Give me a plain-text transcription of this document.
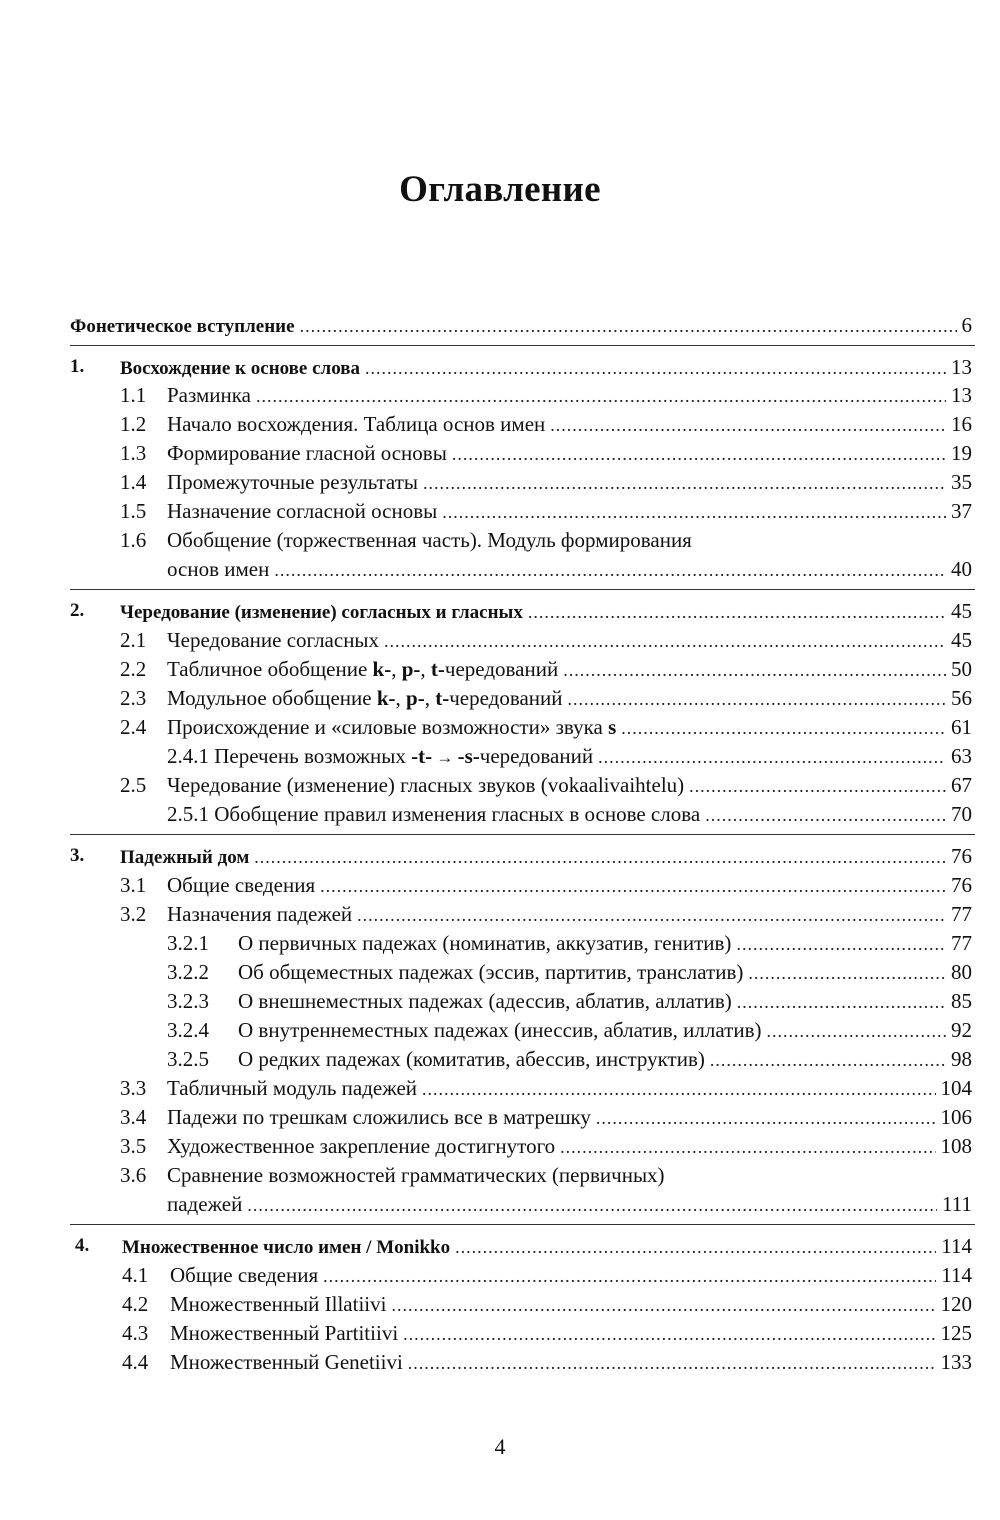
Оглавление
Фонетическое вступление .....	6
1. Восхождение к основе слова .....	13
1.1 Разминка .....	13
1.2 Начало восхождения. Таблица основ имен .....	16
1.3 Формирование гласной основы .....	19
1.4 Промежуточные результаты .....	35
1.5 Назначение согласной основы .....	37
1.6 Обобщение (торжественная часть). Модуль формирования
основ имен .....	40
2. Чередование (изменение) согласных и гласных .....	45
2.1 Чередование согласных .....	45
2.2 Табличное обобщение k-, p-, t-чередований .....	50
2.3 Модульное обобщение k-, p-, t-чередований .....	56
2.4 Происхождение и «силовые возможности» звука s .....	61
2.4.1 Перечень возможных -t- → -s-чередований .....	63
2.5 Чередование (изменение) гласных звуков (vokaalivaihtelu) .....	67
2.5.1 Обобщение правил изменения гласных в основе слова .....	70
3. Падежный дом .....	76
3.1 Общие сведения .....	76
3.2 Назначения падежей .....	77
3.2.1 О первичных падежах (номинатив, аккузатив, генитив) .....	77
3.2.2 Об общеместных падежах (эссив, партитив, транслатив) .....	80
3.2.3 О внешнеместных падежах (адессив, аблатив, аллатив) .....	85
3.2.4 О внутреннеместных падежах (инессив, аблатив, иллатив) .....	92
3.2.5 О редких падежах (комитатив, абессив, инструктив) .....	98
3.3 Табличный модуль падежей .....	104
3.4 Падежи по трешкам сложились все в матрешку .....	106
3.5 Художественное закрепление достигнутого .....	108
3.6 Сравнение возможностей грамматических (первичных)
падежей .....	111
4. Множественное число имен / Monikko .....	114
4.1 Общие сведения .....	114
4.2 Множественный Illatiivi .....	120
4.3 Множественный Partitiivi .....	125
4.4 Множественный Genetiivi .....	133
4
